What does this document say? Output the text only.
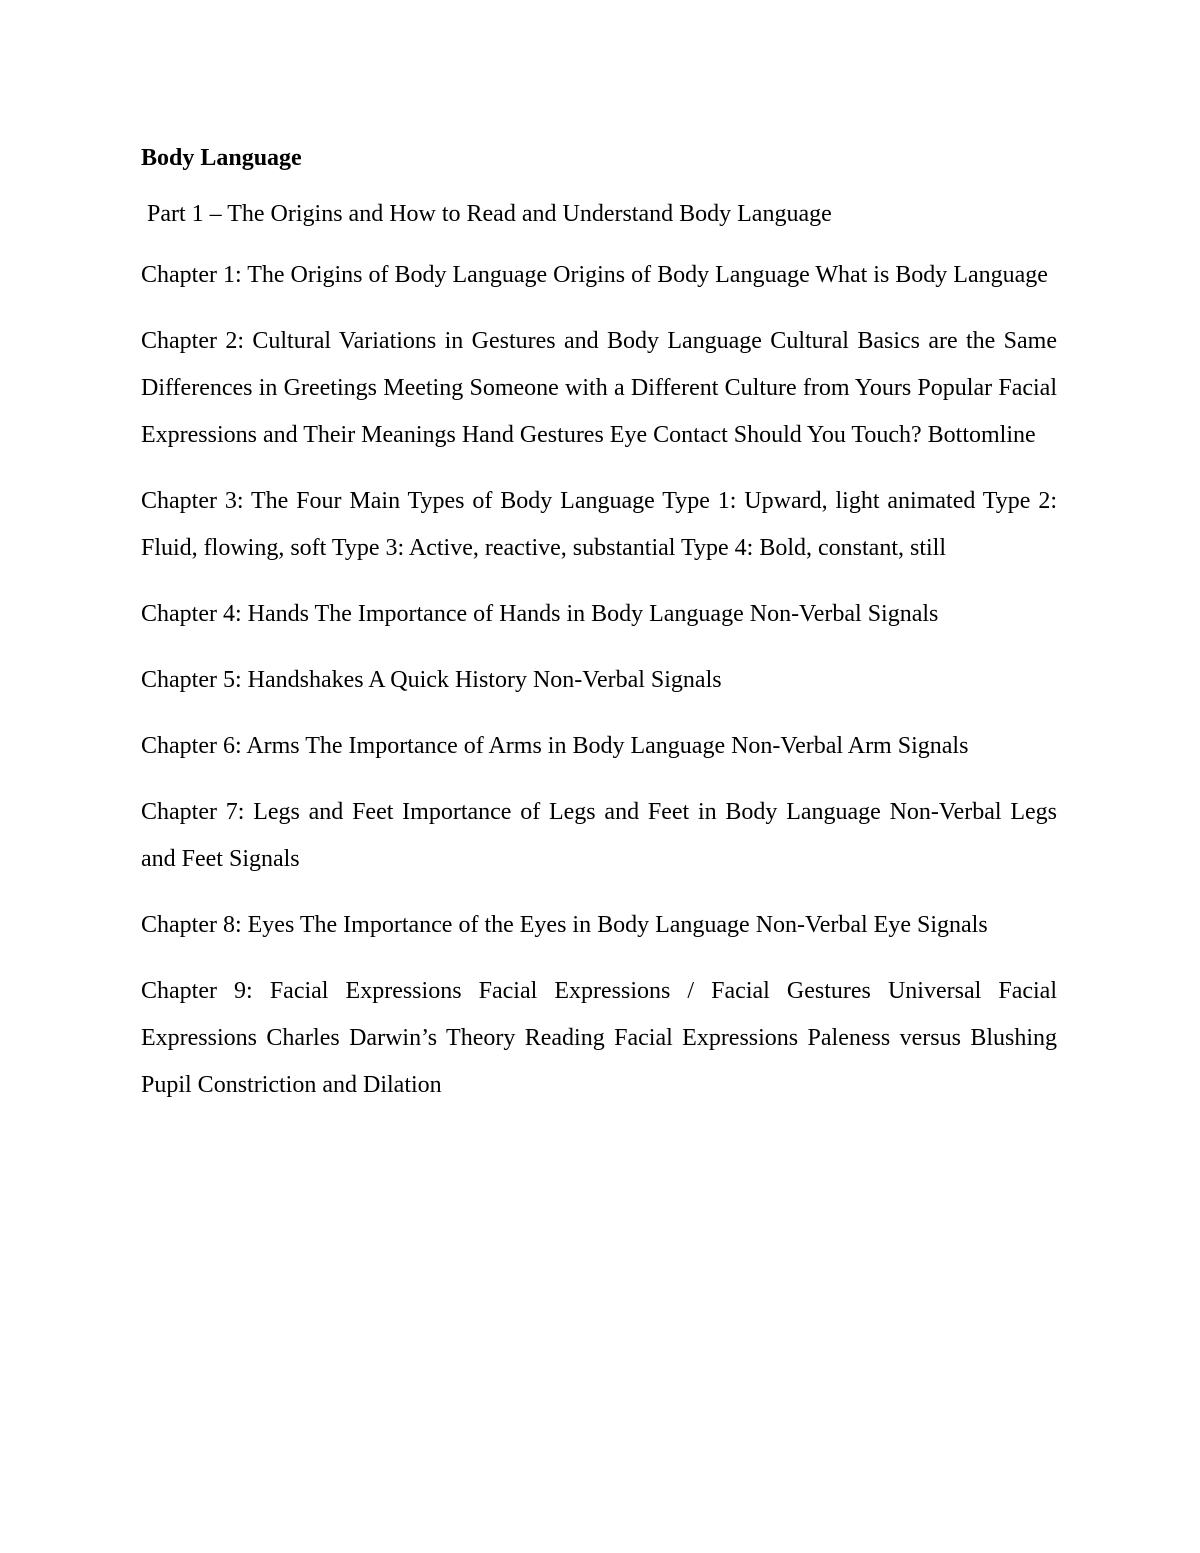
Body Language

Part 1 – The Origins and How to Read and Understand Body Language

Chapter 1: The Origins of Body Language Origins of Body Language What is Body Language

Chapter 2: Cultural Variations in Gestures and Body Language Cultural Basics are the Same Differences in Greetings Meeting Someone with a Different Culture from Yours Popular Facial Expressions and Their Meanings Hand Gestures Eye Contact Should You Touch? Bottomline

Chapter 3: The Four Main Types of Body Language Type 1: Upward, light animated Type 2: Fluid, flowing, soft Type 3: Active, reactive, substantial Type 4: Bold, constant, still

Chapter 4: Hands The Importance of Hands in Body Language Non-Verbal Signals

Chapter 5: Handshakes A Quick History Non-Verbal Signals

Chapter 6: Arms The Importance of Arms in Body Language Non-Verbal Arm Signals

Chapter 7: Legs and Feet Importance of Legs and Feet in Body Language Non-Verbal Legs and Feet Signals

Chapter 8: Eyes The Importance of the Eyes in Body Language Non-Verbal Eye Signals

Chapter 9: Facial Expressions Facial Expressions / Facial Gestures Universal Facial Expressions Charles Darwin’s Theory Reading Facial Expressions Paleness versus Blushing Pupil Constriction and Dilation
